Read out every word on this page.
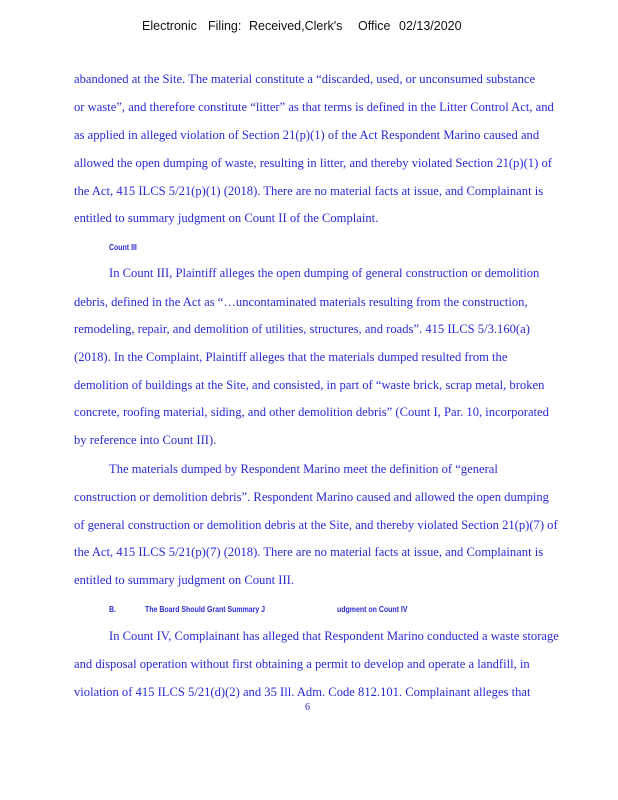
Electronic Filing: Received,Clerk's Office 02/13/2020
abandoned at the Site. The material constitute a “discarded, used, or unconsumed substance
or waste”, and therefore constitute “litter” as that terms is defined in the Litter Control Act, and
as applied in alleged violation of Section 21(p)(1) of the Act Respondent Marino caused and
allowed the open dumping of waste, resulting in litter, and thereby violated Section 21(p)(1) of
the Act, 415 ILCS 5/21(p)(1) (2018). There are no material facts at issue, and Complainant is
entitled to summary judgment on Count II of the Complaint.
Count III
In Count III, Plaintiff alleges the open dumping of general construction or demolition
debris, defined in the Act as “…uncontaminated materials resulting from the construction,
remodeling, repair, and demolition of utilities, structures, and roads”. 415 ILCS 5/3.160(a)
(2018). In the Complaint, Plaintiff alleges that the materials dumped resulted from the
demolition of buildings at the Site, and consisted, in part of “waste brick, scrap metal, broken
concrete, roofing material, siding, and other demolition debris” (Count I, Par. 10, incorporated
by reference into Count III).
The materials dumped by Respondent Marino meet the definition of “general
construction or demolition debris”. Respondent Marino caused and allowed the open dumping
of general construction or demolition debris at the Site, and thereby violated Section 21(p)(7) of
the Act, 415 ILCS 5/21(p)(7) (2018). There are no material facts at issue, and Complainant is
entitled to summary judgment on Count III.
B.	The Board Should Grant Summary J	udgment on Count IV
In Count IV, Complainant has alleged that Respondent Marino conducted a waste storage
and disposal operation without first obtaining a permit to develop and operate a landfill, in
violation of 415 ILCS 5/21(d)(2) and 35 Ill. Adm. Code 812.101. Complainant alleges that
6
